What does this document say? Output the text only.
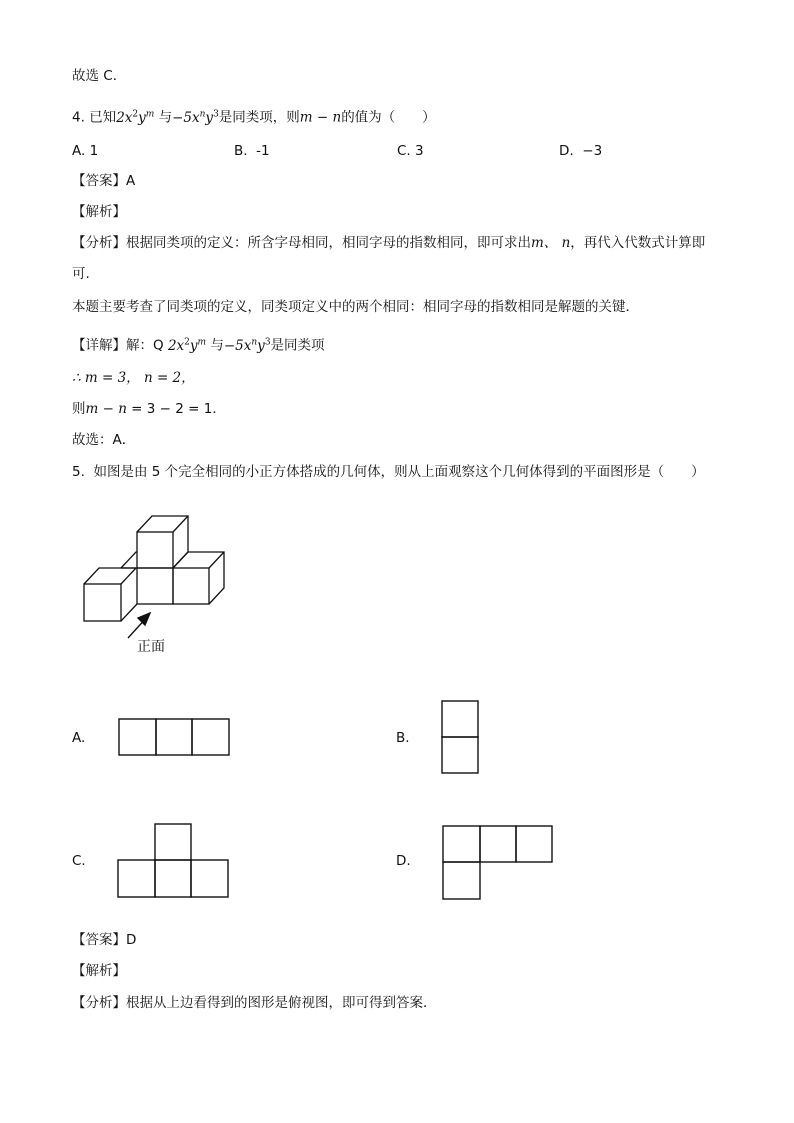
故选 C．
4. 已知$2x^2y^m$ 与$-5x^ny^3$是同类项，则m − n的值为（　　）
A. 1	B. -1	C. 3	D. −3
【答案】A
【解析】
【分析】根据同类项的定义：所含字母相同，相同字母的指数相同，即可求出m、 n，再代入代数式计算即
可.
本题主要考查了同类项的定义，同类项定义中的两个相同：相同字母的指数相同是解题的关键．
【详解】解：Q $2x^2y^m$ 与$-5x^ny^3$是同类项
∴ m = 3， n = 2，
则m − n = 3 − 2 = 1．
故选：A．
5. 如图是由 5 个完全相同的小正方体搭成的几何体，则从上面观察这个几何体得到的平面图形是（　　）
正面
A.	B.
C.	D.
【答案】D
【解析】
【分析】根据从上边看得到的图形是俯视图，即可得到答案．
